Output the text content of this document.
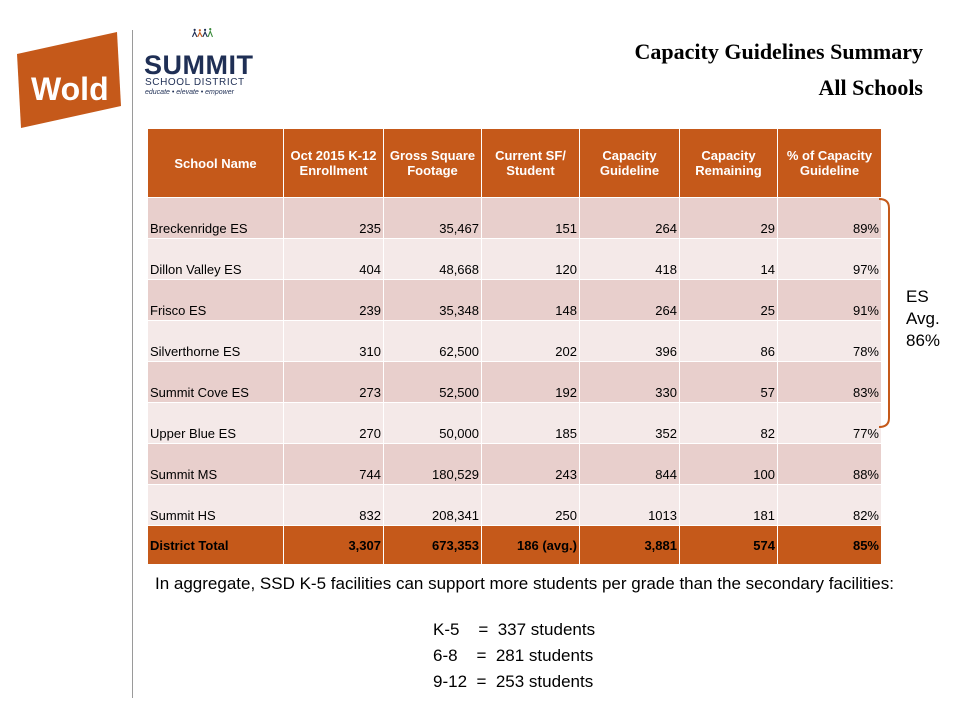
Wold
SUMMIT
SCHOOL DISTRICT
educate • elevate • empower
Capacity Guidelines Summary
All Schools
School Name	Oct 2015 K-12 Enrollment	Gross Square Footage	Current SF/ Student	Capacity Guideline	Capacity Remaining	% of Capacity Guideline
Breckenridge ES	235	35,467	151	264	29	89%
Dillon Valley ES	404	48,668	120	418	14	97%
Frisco ES	239	35,348	148	264	25	91%
Silverthorne ES	310	62,500	202	396	86	78%
Summit Cove ES	273	52,500	192	330	57	83%
Upper Blue ES	270	50,000	185	352	82	77%
Summit MS	744	180,529	243	844	100	88%
Summit HS	832	208,341	250	1013	181	82%
District Total	3,307	673,353	186 (avg.)	3,881	574	85%
ES
Avg.
86%
In aggregate, SSD K-5 facilities can support more students per grade than the secondary facilities:
K-5    =  337 students
6-8    =  281 students
9-12  =  253 students
